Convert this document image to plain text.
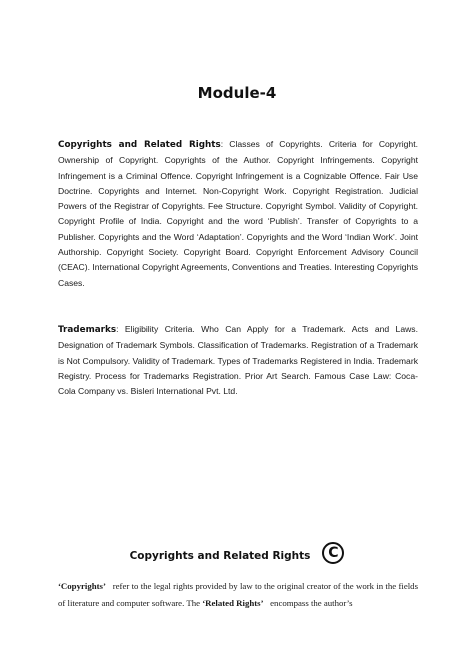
Module-4

Copyrights and Related Rights: Classes of Copyrights. Criteria for Copyright. Ownership of Copyright. Copyrights of the Author. Copyright Infringements. Copyright Infringement is a Criminal Offence. Copyright Infringement is a Cognizable Offence. Fair Use Doctrine. Copyrights and Internet. Non-Copyright Work. Copyright Registration. Judicial Powers of the Registrar of Copyrights. Fee Structure. Copyright Symbol. Validity of Copyright. Copyright Profile of India. Copyright and the word ‘Publish’. Transfer of Copyrights to a Publisher. Copyrights and the Word ‘Adaptation’. Copyrights and the Word ‘Indian Work’. Joint Authorship. Copyright Society. Copyright Board. Copyright Enforcement Advisory Council (CEAC). International Copyright Agreements, Conventions and Treaties. Interesting Copyrights Cases.

Trademarks: Eligibility Criteria. Who Can Apply for a Trademark. Acts and Laws. Designation of Trademark Symbols. Classification of Trademarks. Registration of a Trademark is Not Compulsory. Validity of Trademark. Types of Trademarks Registered in India. Trademark Registry. Process for Trademarks Registration. Prior Art Search. Famous Case Law: Coca-Cola Company vs. Bisleri International Pvt. Ltd.

Copyrights and Related Rights C

‘Copyrights’ refer to the legal rights provided by law to the original creator of the work in the fields of literature and computer software. The ‘Related Rights’ encompass the author’s
